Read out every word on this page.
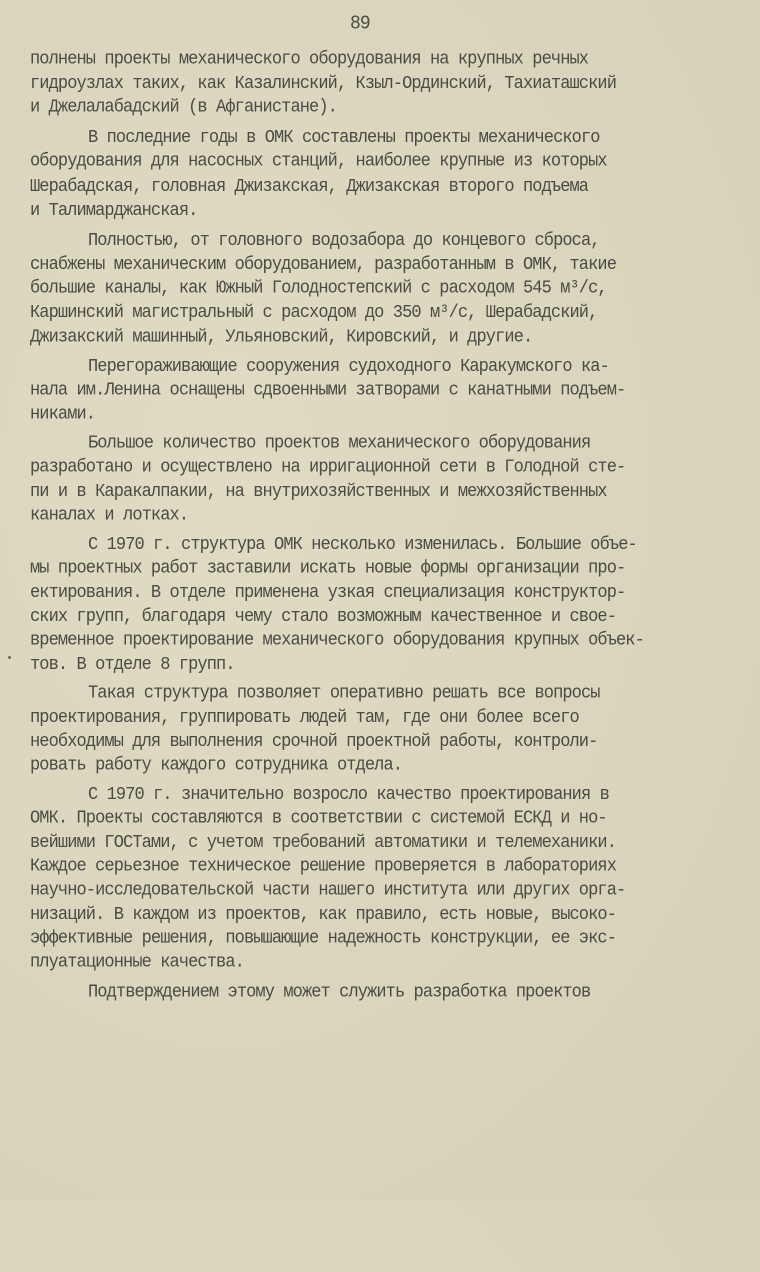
89
полнены проекты механического оборудования на крупных речных
гидроузлах таких, как Казалинский, Кзыл-Ординский, Тахиаташский
и Джелалабадский (в Афганистане).
В последние годы в ОМК составлены проекты механического
оборудования для насосных станций, наиболее крупные из которых
Шерабадская, головная Джизакская, Джизакская второго подъема
и Талимарджанская.
Полностью, от головного водозабора до концевого сброса,
снабжены механическим оборудованием, разработанным в ОМК, такие
большие каналы, как Южный Голодностепский с расходом 545 м³/с,
Каршинский магистральный с расходом до 350 м³/с, Шерабадский,
Джизакский машинный, Ульяновский, Кировский, и другие.
Перегораживающие сооружения судоходного Каракумского ка-
нала им.Ленина оснащены сдвоенными затворами с канатными подъем-
никами.
Большое количество проектов механического оборудования
разработано и осуществлено на ирригационной сети в Голодной сте-
пи и в Каракалпакии, на внутрихозяйственных и межхозяйственных
каналах и лотках.
С 1970 г. структура ОМК несколько изменилась. Большие объе-
мы проектных работ заставили искать новые формы организации про-
ектирования. В отделе применена узкая специализация конструктор-
ских групп, благодаря чему стало возможным качественное и свое-
временное проектирование механического оборудования крупных объек-
тов. В отделе 8 групп.
Такая структура позволяет оперативно решать все вопросы
проектирования, группировать людей там, где они более всего
необходимы для выполнения срочной проектной работы, контроли-
ровать работу каждого сотрудника отдела.
С 1970 г. значительно возросло качество проектирования в
ОМК. Проекты составляются в соответствии с системой ЕСКД и но-
вейшими ГОСТами, с учетом требований автоматики и телемеханики.
Каждое серьезное техническое решение проверяется в лабораториях
научно-исследовательской части нашего института или других орга-
низаций. В каждом из проектов, как правило, есть новые, высоко-
эффективные решения, повышающие надежность конструкции, ее экс-
плуатационные качества.
Подтверждением этому может служить разработка проектов
